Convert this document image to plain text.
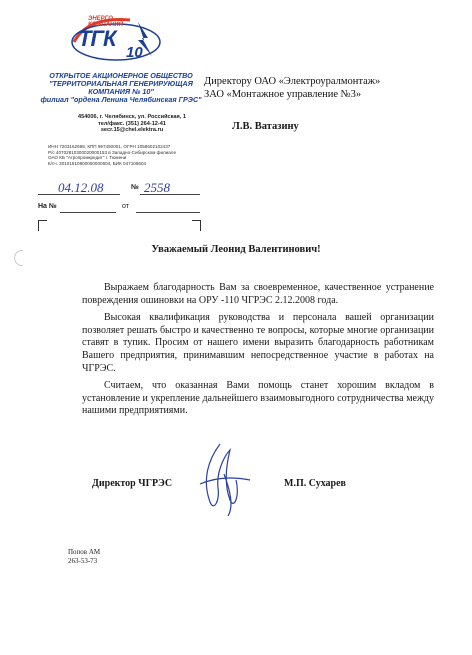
ЭНЕРГО
КОМПАНИЯ
ТГК
10
ОТКРЫТОЕ АКЦИОНЕРНОЕ ОБЩЕСТВО
"ТЕРРИТОРИАЛЬНАЯ ГЕНЕРИРУЮЩАЯ
КОМПАНИЯ № 10"
филиал "ордена Ленина Челябинская ГРЭС"
454006, г. Челябинск, ул. Российская, 1
тел/факс. (351) 264-12-41
secr.15@chel.elektra.ru
ИНН 7203162698, КПП 997450001, ОГРН 1058602102437
Р/с 40702810300020000153 в Западно-Сибирском филиале
ОАО КБ "Агропромкредит" г. Тюмени
К/сч. 30101810800000000604, БИК 047106604
04.12.08	№ 2558
На №	от
Директору ОАО «Электроуралмонтаж»
ЗАО «Монтажное управление №3»
Л.В. Ватазину
Уважаемый Леонид Валентинович!

Выражаем благодарность Вам за своевременное, качественное устранение повреждения ошиновки на ОРУ -110 ЧГРЭС 2.12.2008 года.

Высокая квалификация руководства и персонала вашей организации позволяет решать быстро и качественно те вопросы, которые многие организации ставят в тупик. Просим от нашего имени выразить благодарность работникам Вашего предприятия, принимавшим непосредственное участие в работах на ЧГРЭС.

Считаем, что оказанная Вами помощь станет хорошим вкладом в установление и укрепление дальнейшего взаимовыгодного сотрудничества между нашими предприятиями.

Директор ЧГРЭС	М.П. Сухарев
Попов АМ
263-53-73
